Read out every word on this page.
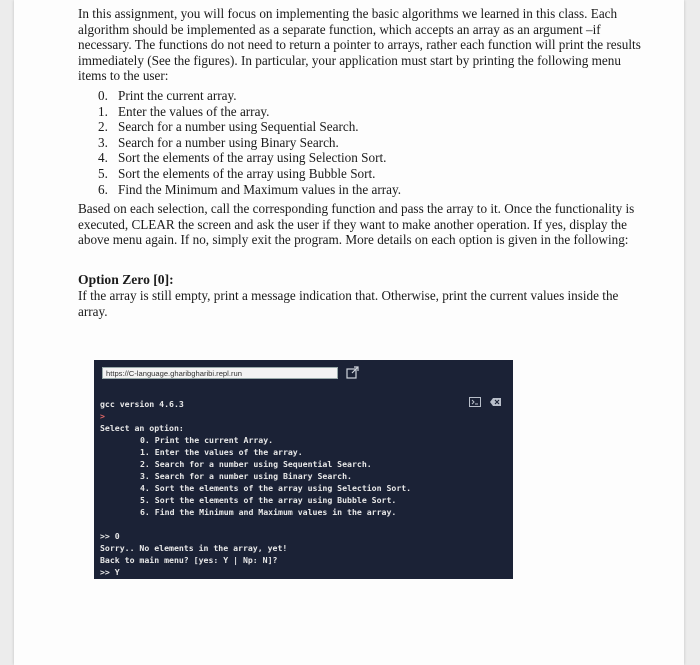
In this assignment, you will focus on implementing the basic algorithms we learned in this class. Each algorithm should be implemented as a separate function, which accepts an array as an argument –if necessary. The functions do not need to return a pointer to arrays, rather each function will print the results immediately (See the figures). In particular, your application must start by printing the following menu items to the user:

0. Print the current array.
1. Enter the values of the array.
2. Search for a number using Sequential Search.
3. Search for a number using Binary Search.
4. Sort the elements of the array using Selection Sort.
5. Sort the elements of the array using Bubble Sort.
6. Find the Minimum and Maximum values in the array.

Based on each selection, call the corresponding function and pass the array to it. Once the functionality is executed, CLEAR the screen and ask the user if they want to make another operation. If yes, display the above menu again. If no, simply exit the program. More details on each option is given in the following:

Option Zero [0]:

If the array is still empty, print a message indication that. Otherwise, print the current values inside the array.

https://C-language.gharibgharibi.repl.run
gcc version 4.6.3
>
Select an option:
0. Print the current Array.
1. Enter the values of the array.
2. Search for a number using Sequential Search.
3. Search for a number using Binary Search.
4. Sort the elements of the array using Selection Sort.
5. Sort the elements of the array using Bubble Sort.
6. Find the Minimum and Maximum values in the array.
>> 0
Sorry.. No elements in the array, yet!
Back to main menu? [yes: Y | Np: N]?
>> Y
